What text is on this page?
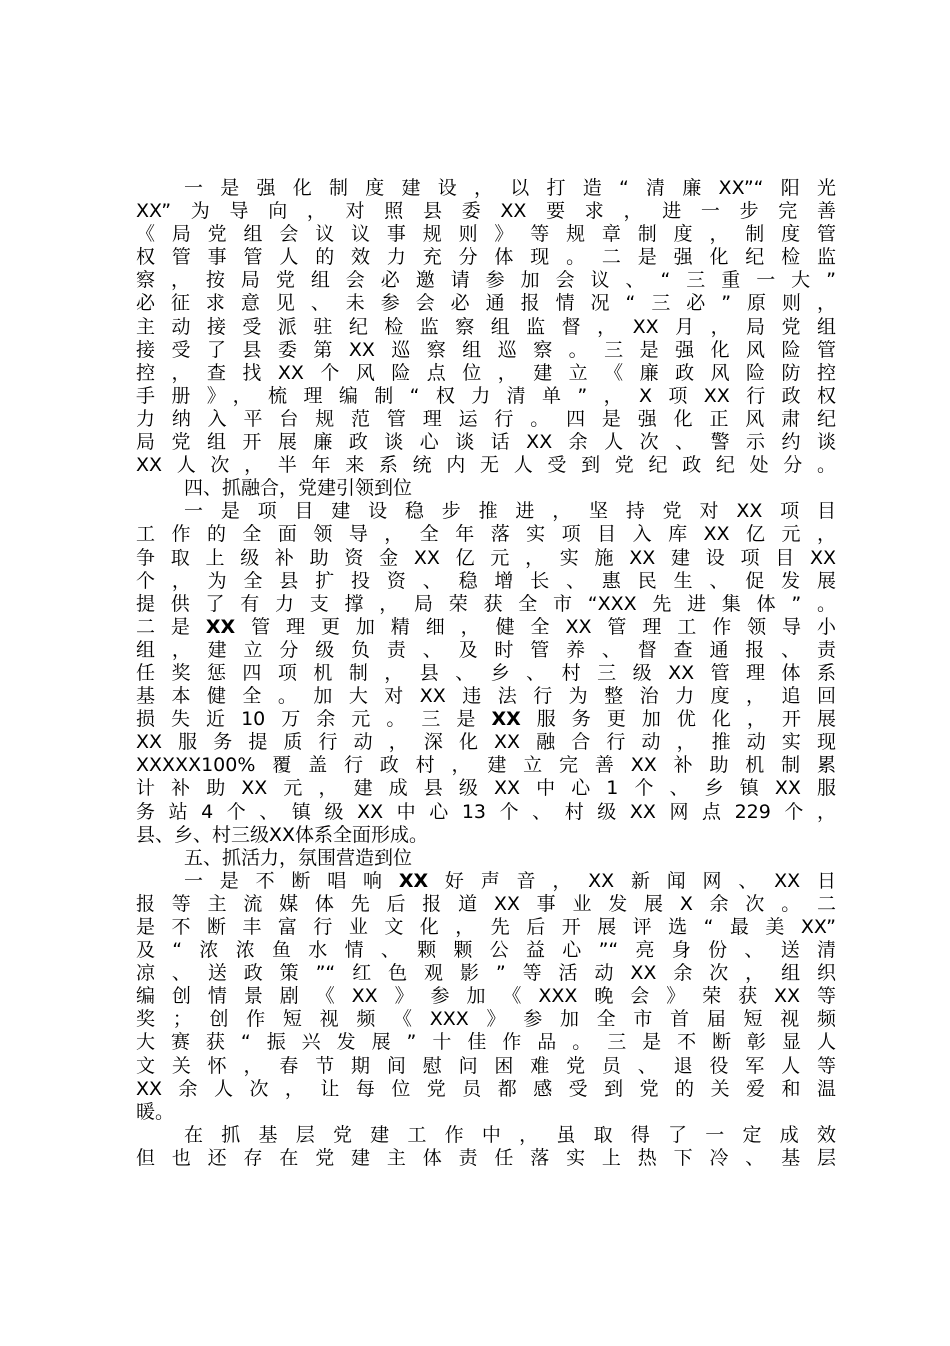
一是强化制度建设，以打造“清廉XX”“阳光
XX”为导向，对照县委XX要求，进一步完善
《局党组会议议事规则》等规章制度，制度管
权管事管人的效力充分体现。二是强化纪检监
察，按局党组会必邀请参加会议、“三重一大”
必征求意见、未参会必通报情况“三必”原则，
主动接受派驻纪检监察组监督，XX月，局党组
接受了县委第XX巡察组巡察。三是强化风险管
控，查找XX个风险点位，建立《廉政风险防控
手册》，梳理编制“权力清单”，X项XX行政权
力纳入平台规范管理运行。四是强化正风肃纪
局党组开展廉政谈心谈话XX余人次、警示约谈
XX人次，半年来系统内无人受到党纪政纪处分。
四、抓融合，党建引领到位
一是项目建设稳步推进，坚持党对XX项目
工作的全面领导，全年落实项目入库XX亿元，
争取上级补助资金XX亿元，实施XX建设项目XX
个，为全县扩投资、稳增长、惠民生、促发展
提供了有力支撑，局荣获全市“XXX先进集体”。
二是XX管理更加精细，健全XX管理工作领导小
组，建立分级负责、及时管养、督查通报、责
任奖惩四项机制，县、乡、村三级XX管理体系
基本健全。加大对XX违法行为整治力度，追回
损失近10万余元。三是XX服务更加优化，开展
XX服务提质行动，深化XX融合行动，推动实现
XXXXX100%覆盖行政村，建立完善XX补助机制累
计补助XX元，建成县级XX中心1个、乡镇XX服
务站4个、镇级XX中心13个、村级XX网点229个，
县、乡、村三级XX体系全面形成。
五、抓活力，氛围营造到位
一是不断唱响XX好声音，XX新闻网、XX日
报等主流媒体先后报道XX事业发展X余次。二
是不断丰富行业文化，先后开展评选“最美XX”
及“浓浓鱼水情、颗颗公益心”“亮身份、送清
凉、送政策”“红色观影”等活动XX余次，组织
编创情景剧《XX》参加《XXX晚会》荣获XX等
奖；创作短视频《XXX》参加全市首届短视频
大赛获“振兴发展”十佳作品。三是不断彰显人
文关怀，春节期间慰问困难党员、退役军人等
XX余人次，让每位党员都感受到党的关爱和温
暖。
在抓基层党建工作中，虽取得了一定成效
但也还存在党建主体责任落实上热下冷、基层
